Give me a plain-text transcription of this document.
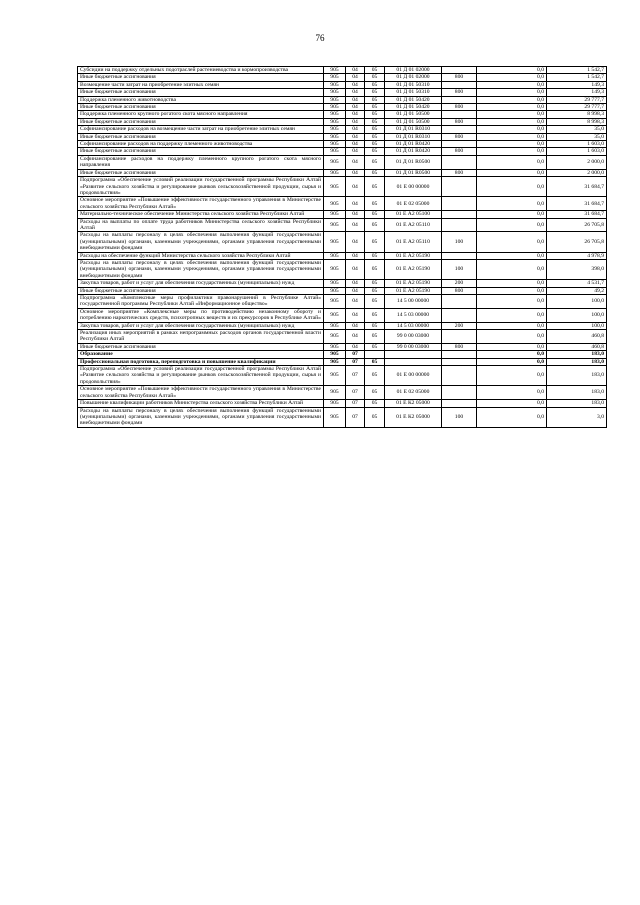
76
Субсидии на поддержку отдельных подотраслей растениеводства и кормопроизводства	905	04	05	01 Д 01 02000		0,0	1 542,7
Иные бюджетные ассигнования	905	04	05	01 Д 01 02000	800	0,0	1 542,7
Возмещение части затрат на приобретение элитных семян	905	04	05	01 Д 01 50310		0,0	149,3
Иные бюджетные ассигнования	905	04	05	01 Д 01 50310	800	0,0	149,3
Поддержка племенного животноводства	905	04	05	01 Д 01 50420		0,0	29 777,7
Иные бюджетные ассигнования	905	04	05	01 Д 01 50420	800	0,0	29 777,7
Поддержка племенного крупного рогатого скота мясного направления	905	04	05	01 Д 01 50500		0,0	8 998,3
Иные бюджетные ассигнования	905	04	05	01 Д 01 50500	800	0,0	8 998,3
Софинансирование расходов на возмещение части затрат на приобретение элитных семян	905	04	05	01 Д 01 R0310		0,0	35,0
Иные бюджетные ассигнования	905	04	05	01 Д 01 R0310	800	0,0	35,0
Софинансирование расходов на поддержку племенного животноводства	905	04	05	01 Д 01 R0420		0,0	1 603,0
Иные бюджетные ассигнования	905	04	05	01 Д 01 R0420	800	0,0	1 603,0
Софинансирование расходов на поддержку племенного крупного рогатого скота мясного направления	905	04	05	01 Д 01 R0500		0,0	2 000,0
Иные бюджетные ассигнования	905	04	05	01 Д 01 R0500	800	0,0	2 000,0
Подпрограмма «Обеспечение условий реализации государственной программы Республики Алтай «Развитие сельского хозяйства и регулирование рынков сельскохозяйственной продукции, сырья и продовольствия»	905	04	05	01 Е 00 00000		0,0	31 684,7
Основное мероприятие «Повышение эффективности государственного управления в Министерстве сельского хозяйства Республики Алтай»	905	04	05	01 Е 02 05000		0,0	31 684,7
Материально-техническое обеспечение Министерства сельского хозяйства Республики Алтай	905	04	05	01 Е А2 05100		0,0	31 684,7
Расходы на выплаты по оплате труда работников Министерства сельского хозяйства Республики Алтай	905	04	05	01 Е А2 05110		0,0	26 705,8
Расходы на выплаты персоналу в целях обеспечения выполнения функций государственными (муниципальными) органами, казенными учреждениями, органами управления государственными внебюджетными фондами	905	04	05	01 Е А2 05110	100	0,0	26 705,8
Расходы на обеспечение функций Министерства сельского хозяйства Республики Алтай	905	04	05	01 Е А2 05190		0,0	4 978,9
Расходы на выплаты персоналу в целях обеспечения выполнения функций государственными (муниципальными) органами, казенными учреждениями, органами управления государственными внебюджетными фондами	905	04	05	01 Е А2 05190	100	0,0	398,0
Закупка товаров, работ и услуг для обеспечения государственных (муниципальных) нужд	905	04	05	01 Е А2 05190	200	0,0	4 531,7
Иные бюджетные ассигнования	905	04	05	01 Е А2 05190	800	0,0	49,2
Подпрограмма «Комплексные меры профилактики правонарушений в Республике Алтай» государственной программы Республики Алтай «Информационное общество»	905	04	05	14 5 00 00000		0,0	100,0
Основное мероприятие «Комплексные меры по противодействию незаконному обороту и потреблению наркотических средств, психотропных веществ и их прекурсоров в Республике Алтай»	905	04	05	14 5 03 00000		0,0	100,0
Закупка товаров, работ и услуг для обеспечения государственных (муниципальных) нужд	905	04	05	14 5 03 00000	200	0,0	100,0
Реализация иных мероприятий в рамках непрограммных расходов органов государственной власти Республики Алтай	905	04	05	99 0 00 03000		0,0	460,8
Иные бюджетные ассигнования	905	04	05	99 0 00 03000	800	0,0	460,8
Образование	905	07				0,0	183,0
Профессиональная подготовка, переподготовка и повышение квалификации	905	07	05			0,0	183,0
Подпрограмма «Обеспечение условий реализации государственной программы Республики Алтай «Развитие сельского хозяйства и регулирование рынков сельскохозяйственной продукции, сырья и продовольствия»	905	07	05	01 Е 00 00000		0,0	183,0
Основное мероприятие «Повышение эффективности государственного управления в Министерстве сельского хозяйства Республики Алтай»	905	07	05	01 Е 02 05000		0,0	183,0
Повышение квалификации работников Министерства сельского хозяйства Республики Алтай	905	07	05	01 Е К2 05000		0,0	183,0
Расходы на выплаты персоналу в целях обеспечения выполнения функций государственными (муниципальными) органами, казенными учреждениями, органами управления государственными внебюджетными фондами	905	07	05	01 Е К2 05000	100	0,0	3,0
